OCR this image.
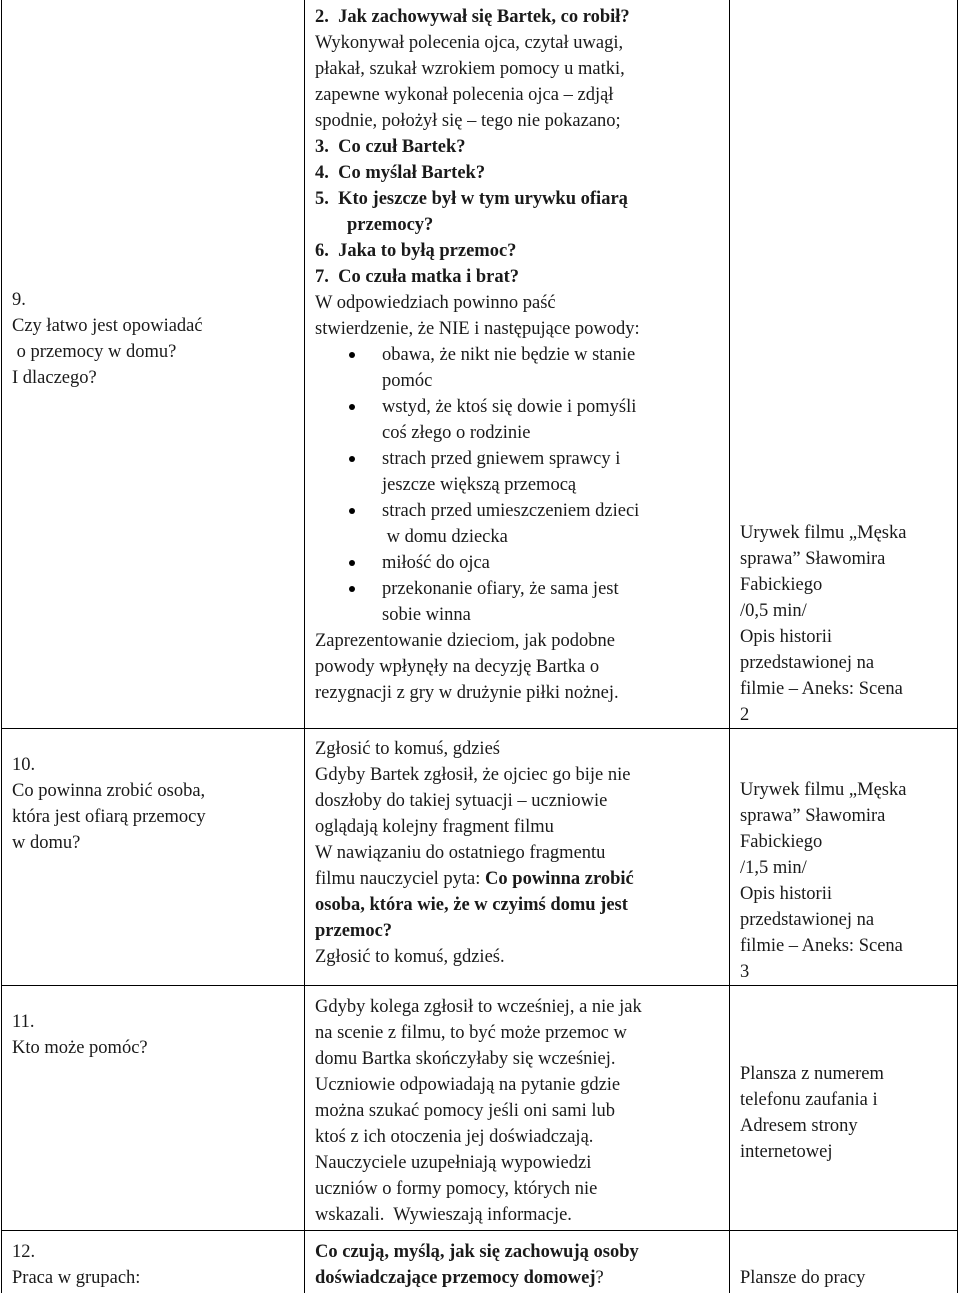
9.

Czy łatwo jest opowiadać

o przemocy w domu?

I dlaczego?

10.

Co powinna zrobić osoba,

która jest ofiarą przemocy

w domu?

11.

Kto może pomóc?

12.

Praca w grupach:

2.  Jak zachowywał się Bartek, co robił?

Wykonywał polecenia ojca, czytał uwagi,

płakał, szukał wzrokiem pomocy u matki,

zapewne wykonał polecenia ojca – zdjął

spodnie, położył się – tego nie pokazano;

3.  Co czuł Bartek?

4.  Co myślał Bartek?

5.  Kto jeszcze był w tym urywku ofiarą

przemocy?

6.  Jaka to byłą przemoc?

7.  Co czuła matka i brat?

W odpowiedziach powinno paść

stwierdzenie, że NIE i następujące powody:

obawa, że nikt nie będzie w stanie

pomóc

wstyd, że ktoś się dowie i pomyśli

coś złego o rodzinie

strach przed gniewem sprawcy i

jeszcze większą przemocą

strach przed umieszczeniem dzieci

w domu dziecka

miłość do ojca

przekonanie ofiary, że sama jest

sobie winna

Zaprezentowanie dzieciom, jak podobne

powody wpłynęły na decyzję Bartka o

rezygnacji z gry w drużynie piłki nożnej.

Zgłosić to komuś, gdzieś

Gdyby Bartek zgłosił, że ojciec go bije nie

doszłoby do takiej sytuacji – uczniowie

oglądają kolejny fragment filmu

W nawiązaniu do ostatniego fragmentu

filmu nauczyciel pyta: Co powinna zrobić

osoba, która wie, że w czyimś domu jest

przemoc?

Zgłosić to komuś, gdzieś.

Gdyby kolega zgłosił to wcześniej, a nie jak

na scenie z filmu, to być może przemoc w

domu Bartka skończyłaby się wcześniej.

Uczniowie odpowiadają na pytanie gdzie

można szukać pomocy jeśli oni sami lub

ktoś z ich otoczenia jej doświadczają.

Nauczyciele uzupełniają wypowiedzi

uczniów o formy pomocy, których nie

wskazali.  Wywieszają informacje.

Co czują, myślą, jak się zachowują osoby

doświadczające przemocy domowej?

Urywek filmu „Męska

sprawa” Sławomira

Fabickiego

/0,5 min/

Opis historii

przedstawionej na

filmie – Aneks: Scena

2

Urywek filmu „Męska

sprawa” Sławomira

Fabickiego

/1,5 min/

Opis historii

przedstawionej na

filmie – Aneks: Scena

3

Plansza z numerem

telefonu zaufania i

Adresem strony

internetowej

Plansze do pracy
